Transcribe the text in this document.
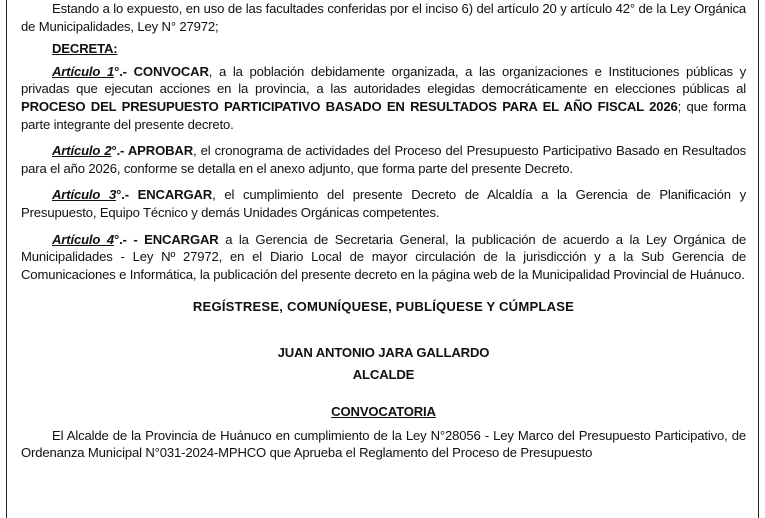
Estando a lo expuesto, en uso de las facultades conferidas por el inciso 6) del artículo 20 y artículo 42° de la Ley Orgánica de Municipalidades, Ley N° 27972;

DECRETA:

Artículo 1°.- CONVOCAR, a la población debidamente organizada, a las organizaciones e Instituciones públicas y privadas que ejecutan acciones en la provincia, a las autoridades elegidas democráticamente en elecciones públicas al PROCESO DEL PRESUPUESTO PARTICIPATIVO BASADO EN RESULTADOS PARA EL AÑO FISCAL 2026; que forma parte integrante del presente decreto.

Artículo 2°.- APROBAR, el cronograma de actividades del Proceso del Presupuesto Participativo Basado en Resultados para el año 2026, conforme se detalla en el anexo adjunto, que forma parte del presente Decreto.

Artículo 3°.- ENCARGAR, el cumplimiento del presente Decreto de Alcaldía a la Gerencia de Planificación y Presupuesto, Equipo Técnico y demás Unidades Orgánicas competentes.

Artículo 4°.- - ENCARGAR a la Gerencia de Secretaria General, la publicación de acuerdo a la Ley Orgánica de Municipalidades - Ley Nº 27972, en el Diario Local de mayor circulación de la jurisdicción y a la Sub Gerencia de Comunicaciones e Informática, la publicación del presente decreto en la página web de la Municipalidad Provincial de Huánuco.

REGÍSTRESE, COMUNÍQUESE, PUBLÍQUESE Y CÚMPLASE

JUAN ANTONIO JARA GALLARDO

ALCALDE

CONVOCATORIA

El Alcalde de la Provincia de Huánuco en cumplimiento de la Ley N°28056 - Ley Marco del Presupuesto Participativo, de Ordenanza Municipal N°031-2024-MPHCO que Aprueba el Reglamento del Proceso de Presupuesto
